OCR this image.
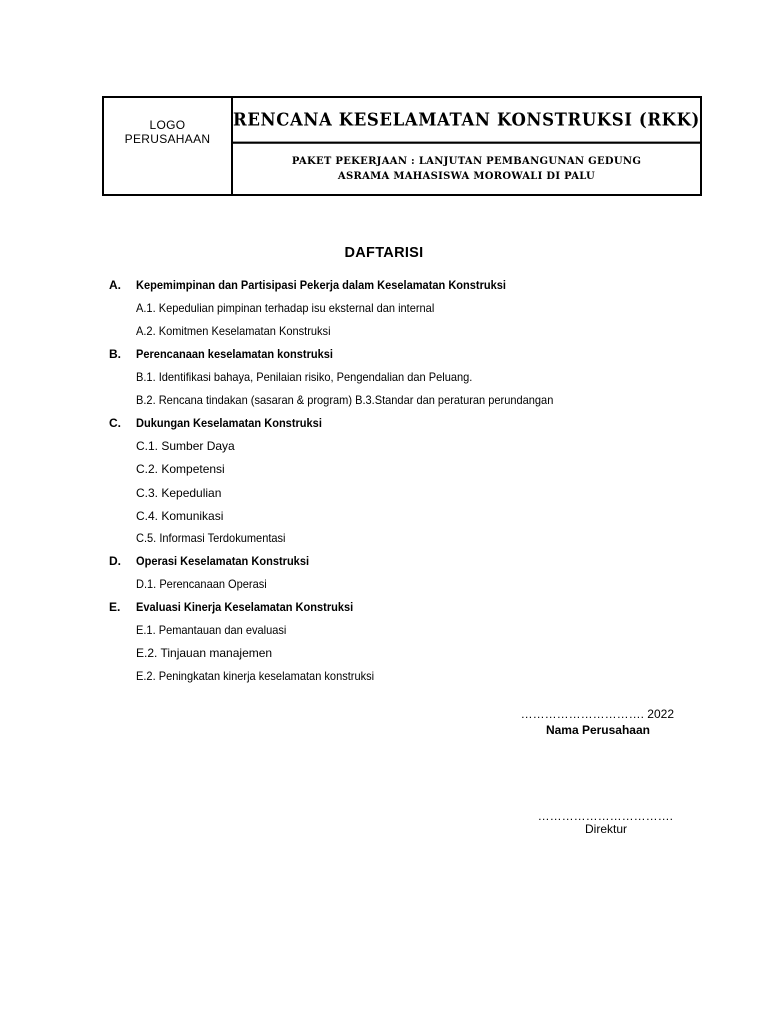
LOGO
PERUSAHAAN
RENCANA KESELAMATAN KONSTRUKSI (RKK)
PAKET PEKERJAAN : LANJUTAN PEMBANGUNAN GEDUNG
ASRAMA MAHASISWA MOROWALI DI PALU
DAFTARISI
A. Kepemimpinan dan Partisipasi Pekerja dalam Keselamatan Konstruksi
A.1. Kepedulian pimpinan terhadap isu eksternal dan internal
A.2. Komitmen Keselamatan Konstruksi
B. Perencanaan keselamatan konstruksi
B.1. Identifikasi bahaya, Penilaian risiko, Pengendalian dan Peluang.
B.2. Rencana tindakan (sasaran & program) B.3.Standar dan peraturan perundangan
C. Dukungan Keselamatan Konstruksi
C.1. Sumber Daya
C.2. Kompetensi
C.3. Kepedulian
C.4. Komunikasi
C.5. Informasi Terdokumentasi
D. Operasi Keselamatan Konstruksi
D.1. Perencanaan Operasi
E. Evaluasi Kinerja Keselamatan Konstruksi
E.1. Pemantauan dan evaluasi
E.2. Tinjauan manajemen
E.2. Peningkatan kinerja keselamatan konstruksi
…………………………. 2022
Nama Perusahaan
…………………………….
Direktur
